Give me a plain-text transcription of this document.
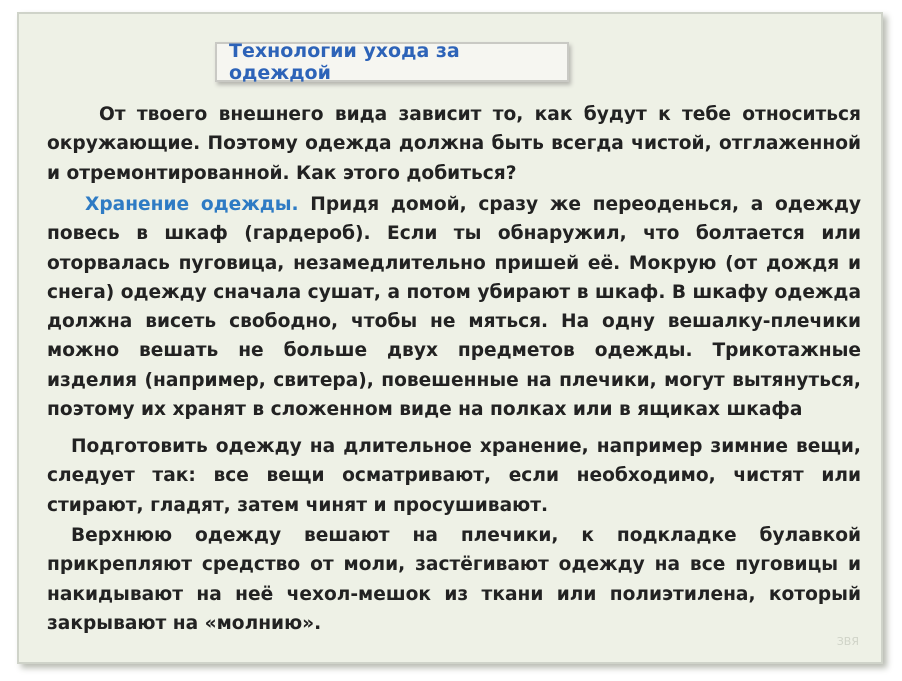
Технологии ухода за одеждой

От твоего внешнего вида зависит то, как будут к тебе относиться окружающие. Поэтому одежда должна быть всегда чистой, отглаженной и отремонтированной. Как этого добиться?

Хранение одежды. Придя домой, сразу же переоденься, а одежду повесь в шкаф (гардероб). Если ты обнаружил, что болтается или оторвалась пуговица, незамедлительно пришей её. Мокрую (от дождя и снега) одежду сначала сушат, а потом убирают в шкаф. В шкафу одежда должна висеть свободно, чтобы не мяться. На одну вешалку-плечики можно вешать не больше двух предметов одежды. Трикотажные изделия (например, свитера), повешенные на плечики, могут вытянуться, поэтому их хранят в сложенном виде на полках или в ящиках шкафа

Подготовить одежду на длительное хранение, например зимние вещи, следует так: все вещи осматривают, если необходимо, чистят или стирают, гладят, затем чинят и просушивают.

Верхнюю одежду вешают на плечики, к подкладке булавкой прикрепляют средство от моли, застёгивают одежду на все пуговицы и накидывают на неё чехол-мешок из ткани или полиэтилена, который закрывают на «молнию».

ЗВЯ
